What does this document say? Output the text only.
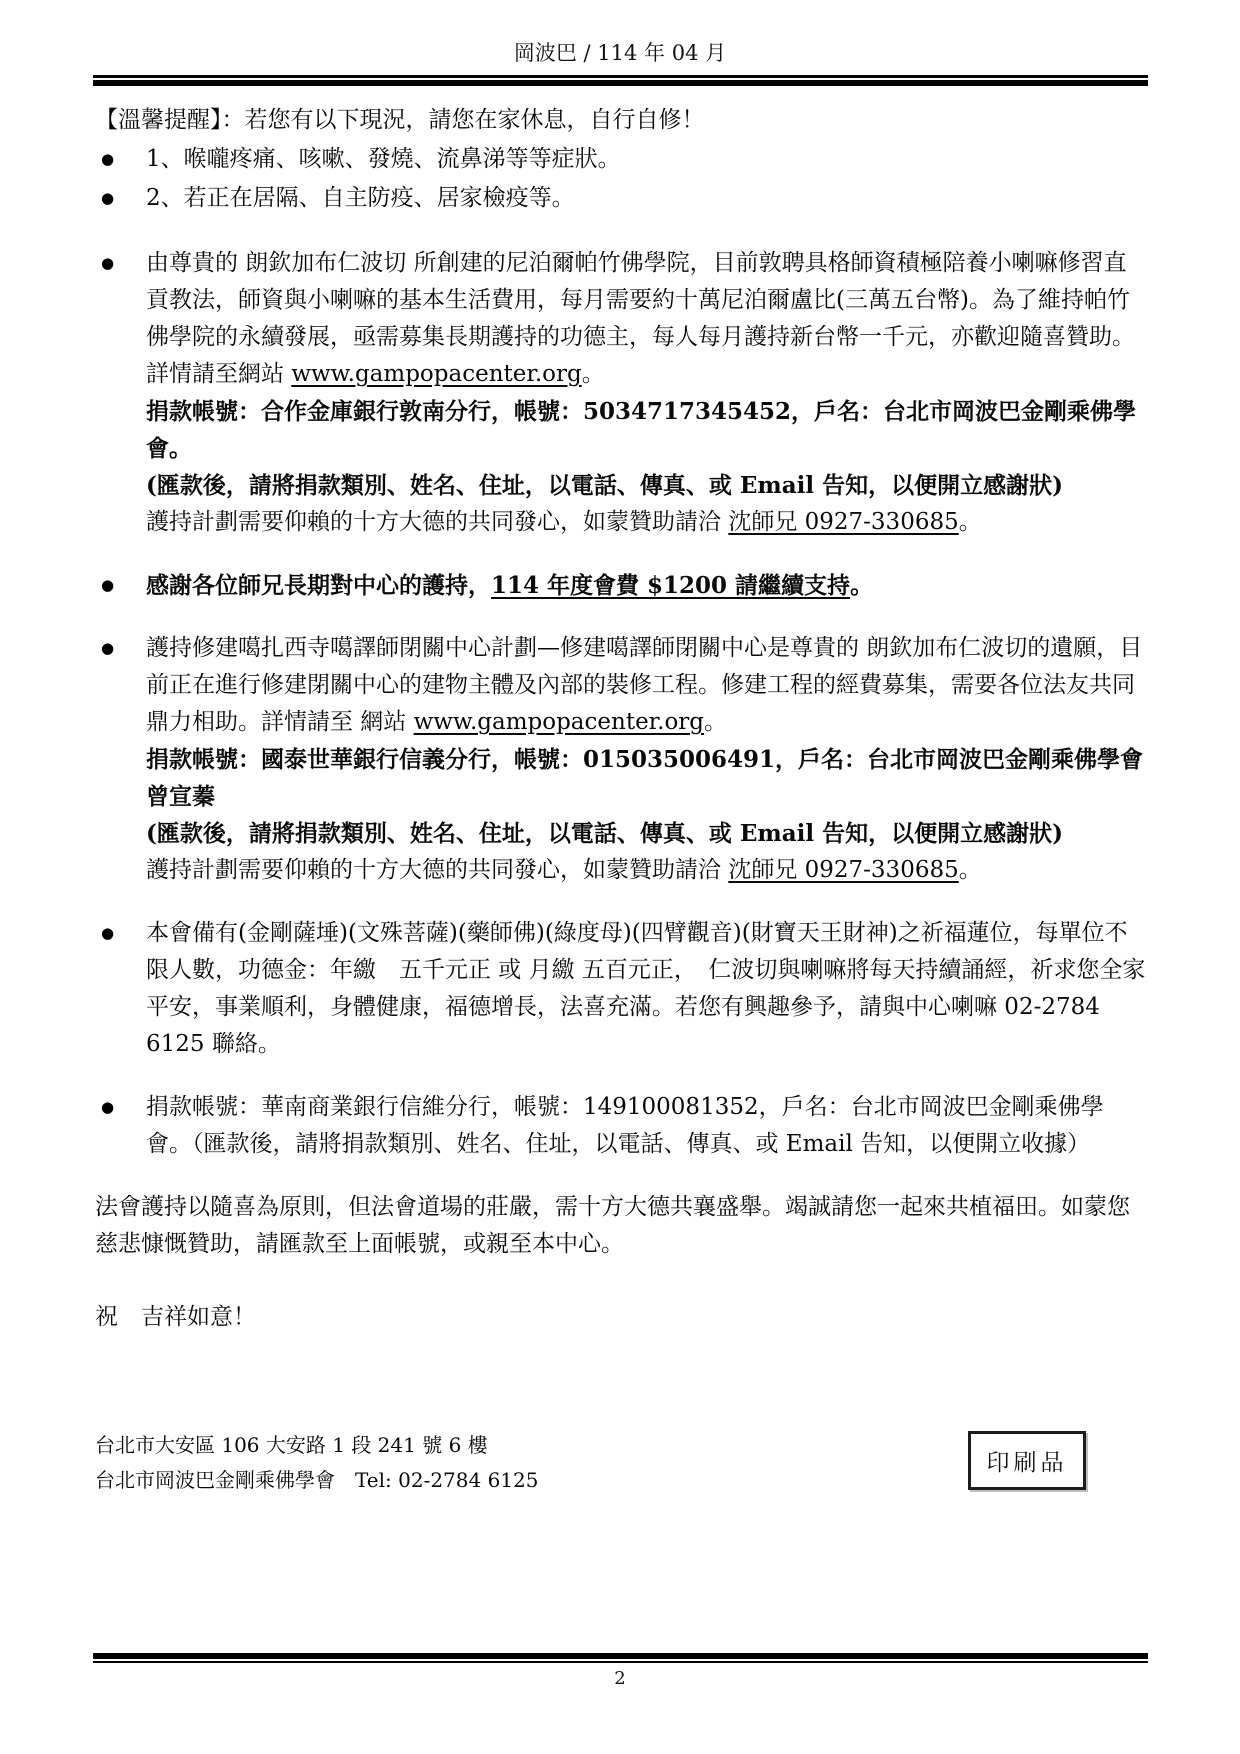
岡波巴 / 114 年 04 月

【溫馨提醒】：若您有以下現況，請您在家休息，自行自修！

●	1、喉嚨疼痛、咳嗽、發燒、流鼻涕等等症狀。
●	2、若正在居隔、自主防疫、居家檢疫等。
●	由尊貴的 朗欽加布仁波切 所創建的尼泊爾帕竹佛學院，目前敦聘具格師資積極陪養小喇嘛修習直貢教法，師資與小喇嘛的基本生活費用，每月需要約十萬尼泊爾盧比(三萬五台幣)。為了維持帕竹佛學院的永續發展，亟需募集長期護持的功德主，每人每月護持新台幣一千元，亦歡迎隨喜贊助。詳情請至網站 www.gampopacenter.org。

捐款帳號：合作金庫銀行敦南分行，帳號：5034717345452，戶名：台北市岡波巴金剛乘佛學會。

(匯款後，請將捐款類別、姓名、住址，以電話、傳真、或 Email 告知，以便開立感謝狀)

護持計劃需要仰賴的十方大德的共同發心，如蒙贊助請洽 沈師兄 0927-330685。

●	感謝各位師兄長期對中心的護持，114 年度會費 $1200 請繼續支持。
●	護持修建噶扎西寺噶譯師閉關中心計劃—修建噶譯師閉關中心是尊貴的 朗欽加布仁波切的遺願，目前正在進行修建閉關中心的建物主體及內部的裝修工程。修建工程的經費募集，需要各位法友共同鼎力相助。詳情請至 網站 www.gampopacenter.org。

捐款帳號：國泰世華銀行信義分行，帳號：015035006491，戶名：台北市岡波巴金剛乘佛學會曾宣蓁

(匯款後，請將捐款類別、姓名、住址，以電話、傳真、或 Email 告知，以便開立感謝狀)

護持計劃需要仰賴的十方大德的共同發心，如蒙贊助請洽 沈師兄 0927-330685。

●	本會備有(金剛薩埵)(文殊菩薩)(藥師佛)(綠度母)(四臂觀音)(財寶天王財神)之祈福蓮位，每單位不限人數，功德金：年繳　五千元正 或 月繳 五百元正，　仁波切與喇嘛將每天持續誦經，祈求您全家平安，事業順利，身體健康，福德增長，法喜充滿。若您有興趣參予，請與中心喇嘛 02-2784 6125 聯絡。
●	捐款帳號：華南商業銀行信維分行，帳號：149100081352，戶名：台北市岡波巴金剛乘佛學會。（匯款後，請將捐款類別、姓名、住址，以電話、傳真、或 Email 告知，以便開立收據）

法會護持以隨喜為原則，但法會道場的莊嚴，需十方大德共襄盛舉。竭誠請您一起來共植福田。如蒙您慈悲慷慨贊助，請匯款至上面帳號，或親至本中心。

祝　吉祥如意！

台北市大安區 106 大安路 1 段 241 號 6 樓
台北市岡波巴金剛乘佛學會　Tel: 02-2784 6125
印刷品
2
